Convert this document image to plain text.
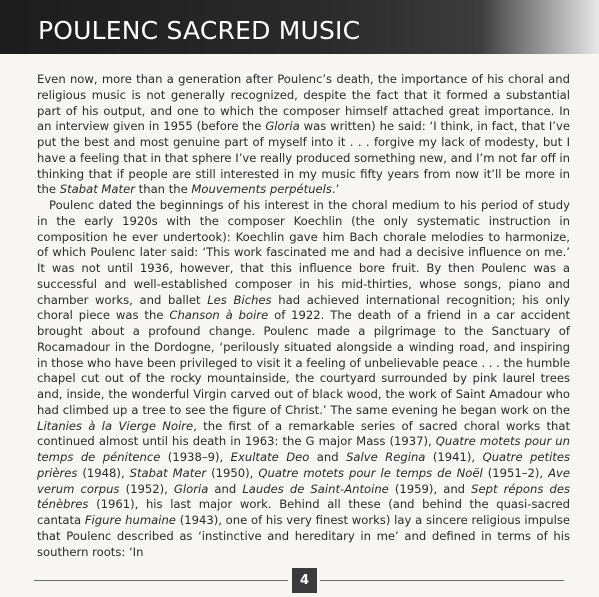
POULENC SACRED MUSIC

Even now, more than a generation after Poulenc’s death, the importance of his choral and religious music is not generally recognized, despite the fact that it formed a substantial part of his output, and one to which the composer himself attached great importance. In an interview given in 1955 (before the Gloria was written) he said: ‘I think, in fact, that I’ve put the best and most genuine part of myself into it . . . forgive my lack of modesty, but I have a feeling that in that sphere I’ve really produced something new, and I’m not far off in thinking that if people are still interested in my music fifty years from now it’ll be more in the Stabat Mater than the Mouvements perpétuels.’

Poulenc dated the beginnings of his interest in the choral medium to his period of study in the early 1920s with the composer Koechlin (the only systematic instruction in composition he ever undertook): Koechlin gave him Bach chorale melodies to harmonize, of which Poulenc later said: ‘This work fascinated me and had a decisive influence on me.’ It was not until 1936, however, that this influence bore fruit. By then Poulenc was a successful and well-established composer in his mid-thirties, whose songs, piano and chamber works, and ballet Les Biches had achieved international recognition; his only choral piece was the Chanson à boire of 1922. The death of a friend in a car accident brought about a profound change. Poulenc made a pilgrimage to the Sanctuary of Rocamadour in the Dordogne, ‘perilously situated alongside a winding road, and inspiring in those who have been privileged to visit it a feeling of unbelievable peace . . . the humble chapel cut out of the rocky mountainside, the courtyard surrounded by pink laurel trees and, inside, the wonderful Virgin carved out of black wood, the work of Saint Amadour who had climbed up a tree to see the figure of Christ.’ The same evening he began work on the Litanies à la Vierge Noire, the first of a remarkable series of sacred choral works that continued almost until his death in 1963: the G major Mass (1937), Quatre motets pour un temps de pénitence (1938–9), Exultate Deo and Salve Regina (1941), Quatre petites prières (1948), Stabat Mater (1950), Quatre motets pour le temps de Noël (1951–2), Ave verum corpus (1952), Gloria and Laudes de Saint-Antoine (1959), and Sept répons des ténèbres (1961), his last major work. Behind all these (and behind the quasi-sacred cantata Figure humaine (1943), one of his very finest works) lay a sincere religious impulse that Poulenc described as ‘instinctive and hereditary in me’ and defined in terms of his southern roots: ‘In

4
